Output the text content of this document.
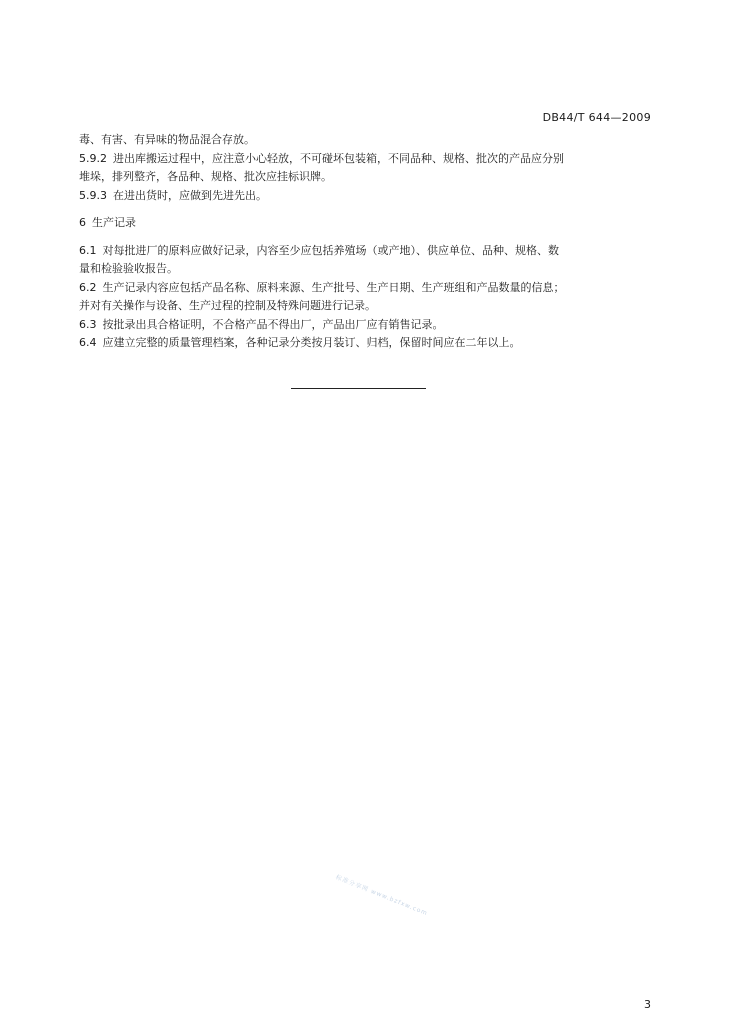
DB44/T 644—2009
毒、有害、有异味的物品混合存放。
5.9.2 进出库搬运过程中，应注意小心轻放，不可碰坏包装箱，不同品种、规格、批次的产品应分别
堆垛，排列整齐，各品种、规格、批次应挂标识牌。
5.9.3 在进出货时，应做到先进先出。
6 生产记录
6.1 对每批进厂的原料应做好记录，内容至少应包括养殖场（或产地）、供应单位、品种、规格、数
量和检验验收报告。
6.2 生产记录内容应包括产品名称、原料来源、生产批号、生产日期、生产班组和产品数量的信息；
并对有关操作与设备、生产过程的控制及特殊问题进行记录。
6.3 按批录出具合格证明，不合格产品不得出厂，产品出厂应有销售记录。
6.4 应建立完整的质量管理档案，各种记录分类按月装订、归档，保留时间应在二年以上。
标准分享网 www.bzfxw.com
3
